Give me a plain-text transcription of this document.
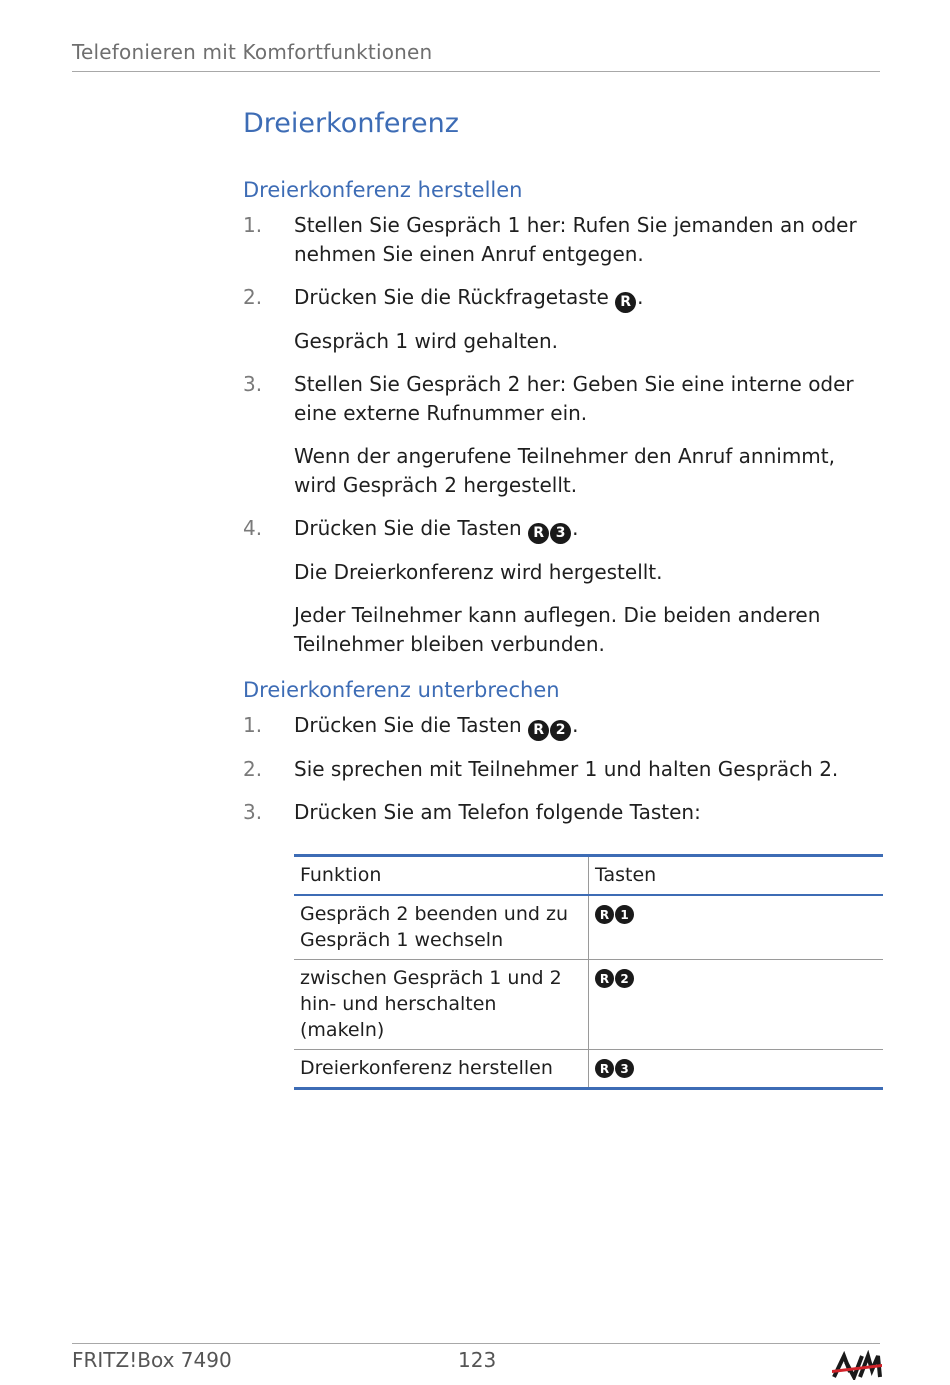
Telefonieren mit Komfortfunktionen
Dreierkonferenz
Dreierkonferenz herstellen
1. Stellen Sie Gespräch 1 her: Rufen Sie jemanden an oder nehmen Sie einen Anruf entgegen.
2. Drücken Sie die Rückfragetaste R .
Gespräch 1 wird gehalten.
3. Stellen Sie Gespräch 2 her: Geben Sie eine interne oder eine externe Rufnummer ein.
Wenn der angerufene Teilnehmer den Anruf annimmt, wird Gespräch 2 hergestellt.
4. Drücken Sie die Tasten R 3 .
Die Dreierkonferenz wird hergestellt.
Jeder Teilnehmer kann auflegen. Die beiden anderen Teilnehmer bleiben verbunden.
Dreierkonferenz unterbrechen
1. Drücken Sie die Tasten R 2 .
2. Sie sprechen mit Teilnehmer 1 und halten Gespräch 2.
3. Drücken Sie am Telefon folgende Tasten:
Funktion	Tasten
Gespräch 2 beenden und zu Gespräch 1 wechseln	R 1
zwischen Gespräch 1 und 2 hin- und herschalten (makeln)	R 2
Dreierkonferenz herstellen	R 3
FRITZ!Box 7490	123
